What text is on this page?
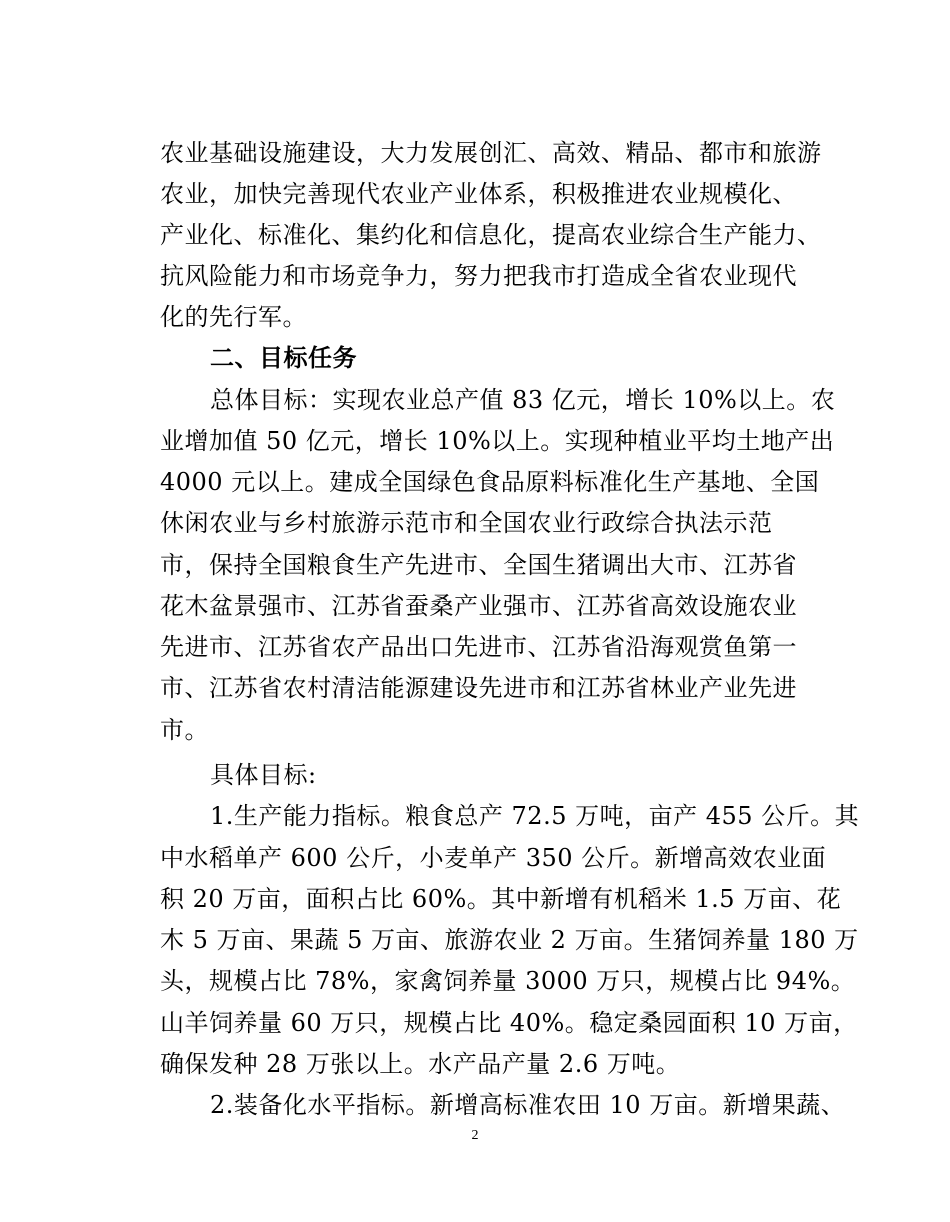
农业基础设施建设，大力发展创汇、高效、精品、都市和旅游
农业，加快完善现代农业产业体系，积极推进农业规模化、
产业化、标准化、集约化和信息化，提高农业综合生产能力、
抗风险能力和市场竞争力，努力把我市打造成全省农业现代
化的先行军。
二、目标任务
总体目标：实现农业总产值 83 亿元，增长 10%以上。农
业增加值 50 亿元，增长 10%以上。实现种植业平均土地产出
4000 元以上。建成全国绿色食品原料标准化生产基地、全国
休闲农业与乡村旅游示范市和全国农业行政综合执法示范
市，保持全国粮食生产先进市、全国生猪调出大市、江苏省
花木盆景强市、江苏省蚕桑产业强市、江苏省高效设施农业
先进市、江苏省农产品出口先进市、江苏省沿海观赏鱼第一
市、江苏省农村清洁能源建设先进市和江苏省林业产业先进
市。
具体目标:
1.生产能力指标。粮食总产 72.5 万吨，亩产 455 公斤。其
中水稻单产 600 公斤，小麦单产 350 公斤。新增高效农业面
积 20 万亩，面积占比 60%。其中新增有机稻米 1.5 万亩、花
木 5 万亩、果蔬 5 万亩、旅游农业 2 万亩。生猪饲养量 180 万
头，规模占比 78%，家禽饲养量 3000 万只，规模占比 94%。
山羊饲养量 60 万只，规模占比 40%。稳定桑园面积 10 万亩，
确保发种 28 万张以上。水产品产量 2.6 万吨。
2.装备化水平指标。新增高标准农田 10 万亩。新增果蔬、
2
